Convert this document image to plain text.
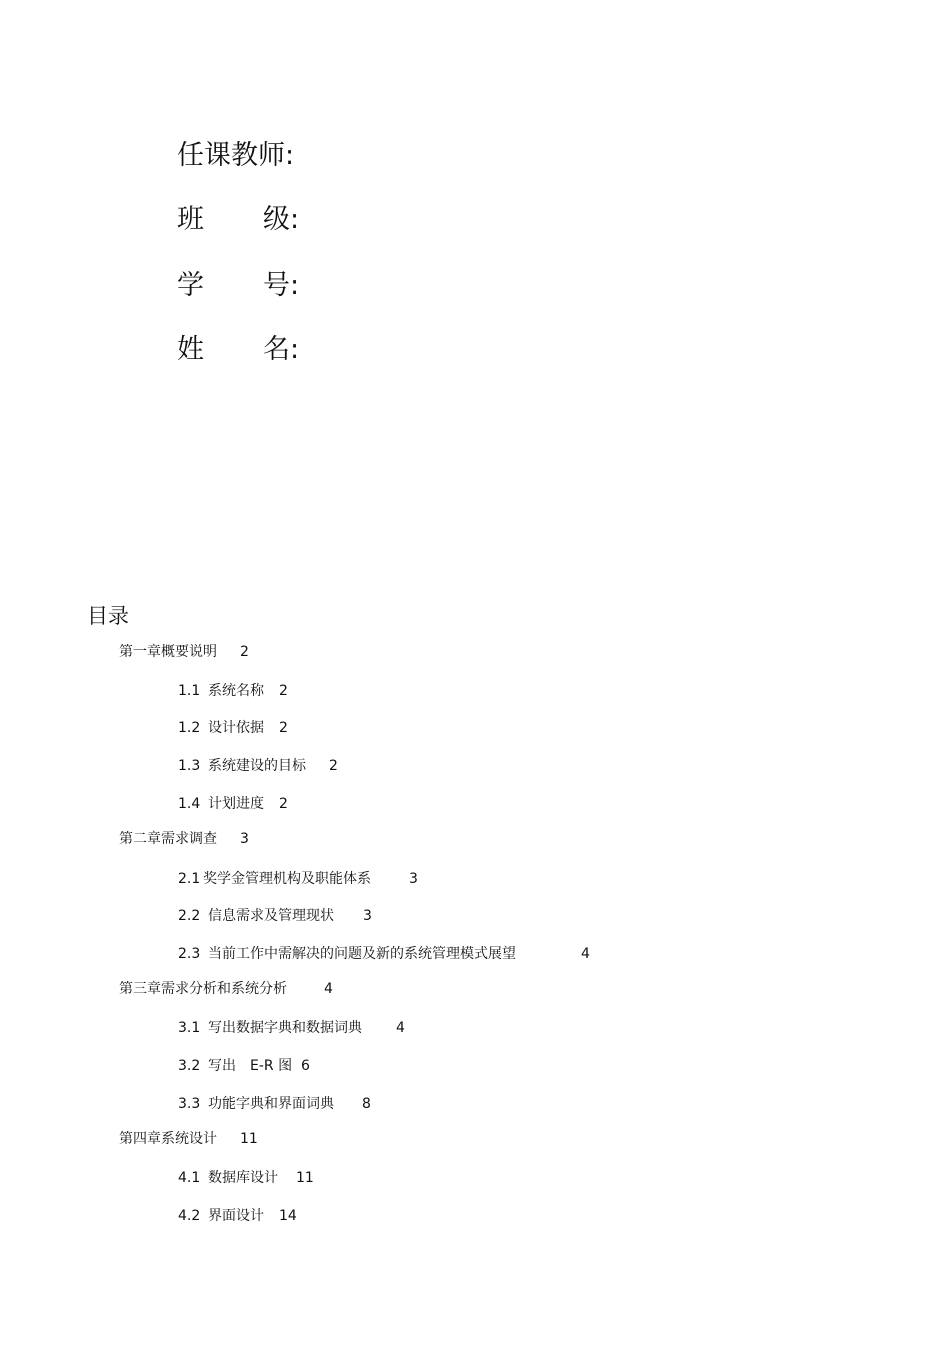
任课教师:
班 级:
学 号:
姓 名:
目录
第一章概要说明 2
1.1 系统名称 2
1.2 设计依据 2
1.3 系统建设的目标 2
1.4 计划进度 2
第二章需求调查 3
2.1 奖学金管理机构及职能体系	3
2.2 信息需求及管理现状 3
2.3 当前工作中需解决的问题及新的系统管理模式展望	4
第三章需求分析和系统分析	4
3.1 写出数据字典和数据词典 4
3.2 写出 E-R 图 6
3.3 功能字典和界面词典 8
第四章系统设计 11
4.1 数据库设计 11
4.2 界面设计 14
